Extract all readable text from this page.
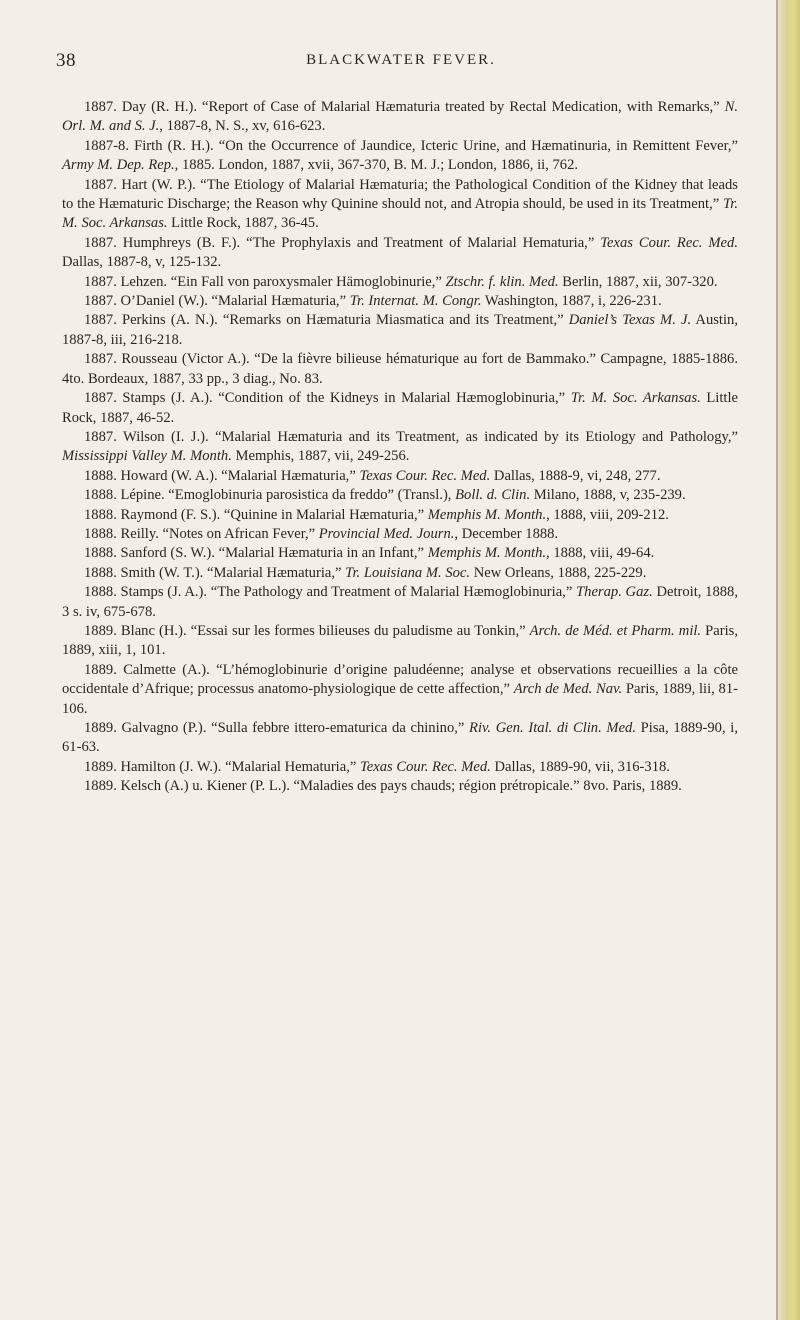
38	BLACKWATER FEVER.

1887. Day (R. H.). “Report of Case of Malarial Hæmaturia treated by Rectal Medication, with Remarks,” N. Orl. M. and S. J., 1887-8, N. S., xv, 616-623.

1887-8. Firth (R. H.). “On the Occurrence of Jaundice, Icteric Urine, and Hæmatinuria, in Remittent Fever,” Army M. Dep. Rep., 1885. London, 1887, xvii, 367-370, B. M. J.; London, 1886, ii, 762.

1887. Hart (W. P.). “The Etiology of Malarial Hæmaturia; the Pathological Condition of the Kidney that leads to the Hæmaturic Discharge; the Reason why Quinine should not, and Atropia should, be used in its Treatment,” Tr. M. Soc. Arkansas. Little Rock, 1887, 36-45.

1887. Humphreys (B. F.). “The Prophylaxis and Treatment of Malarial Hematuria,” Texas Cour. Rec. Med. Dallas, 1887-8, v, 125-132.

1887. Lehzen. “Ein Fall von paroxysmaler Hämoglobinurie,” Ztschr. f. klin. Med. Berlin, 1887, xii, 307-320.

1887. O’Daniel (W.). “Malarial Hæmaturia,” Tr. Internat. M. Congr. Washington, 1887, i, 226-231.

1887. Perkins (A. N.). “Remarks on Hæmaturia Miasmatica and its Treatment,” Daniel’s Texas M. J. Austin, 1887-8, iii, 216-218.

1887. Rousseau (Victor A.). “De la fièvre bilieuse hématurique au fort de Bammako.” Campagne, 1885-1886. 4to. Bordeaux, 1887, 33 pp., 3 diag., No. 83.

1887. Stamps (J. A.). “Condition of the Kidneys in Malarial Hæmoglobinuria,” Tr. M. Soc. Arkansas. Little Rock, 1887, 46-52.

1887. Wilson (I. J.). “Malarial Hæmaturia and its Treatment, as indicated by its Etiology and Pathology,” Mississippi Valley M. Month. Memphis, 1887, vii, 249-256.

1888. Howard (W. A.). “Malarial Hæmaturia,” Texas Cour. Rec. Med. Dallas, 1888-9, vi, 248, 277.

1888. Lépine. “Emoglobinuria parosistica da freddo” (Transl.), Boll. d. Clin. Milano, 1888, v, 235-239.

1888. Raymond (F. S.). “Quinine in Malarial Hæmaturia,” Memphis M. Month., 1888, viii, 209-212.

1888. Reilly. “Notes on African Fever,” Provincial Med. Journ., December 1888.

1888. Sanford (S. W.). “Malarial Hæmaturia in an Infant,” Memphis M. Month., 1888, viii, 49-64.

1888. Smith (W. T.). “Malarial Hæmaturia,” Tr. Louisiana M. Soc. New Orleans, 1888, 225-229.

1888. Stamps (J. A.). “The Pathology and Treatment of Malarial Hæmoglobinuria,” Therap. Gaz. Detroit, 1888, 3 s. iv, 675-678.

1889. Blanc (H.). “Essai sur les formes bilieuses du paludisme au Tonkin,” Arch. de Méd. et Pharm. mil. Paris, 1889, xiii, 1, 101.

1889. Calmette (A.). “L’hémoglobinurie d’origine paludéenne; analyse et observations recueillies a la côte occidentale d’Afrique; processus anatomo-physiologique de cette affection,” Arch de Med. Nav. Paris, 1889, lii, 81-106.

1889. Galvagno (P.). “Sulla febbre ittero-ematurica da chinino,” Riv. Gen. Ital. di Clin. Med. Pisa, 1889-90, i, 61-63.

1889. Hamilton (J. W.). “Malarial Hematuria,” Texas Cour. Rec. Med. Dallas, 1889-90, vii, 316-318.

1889. Kelsch (A.) u. Kiener (P. L.). “Maladies des pays chauds; région prétropicale.” 8vo. Paris, 1889.
